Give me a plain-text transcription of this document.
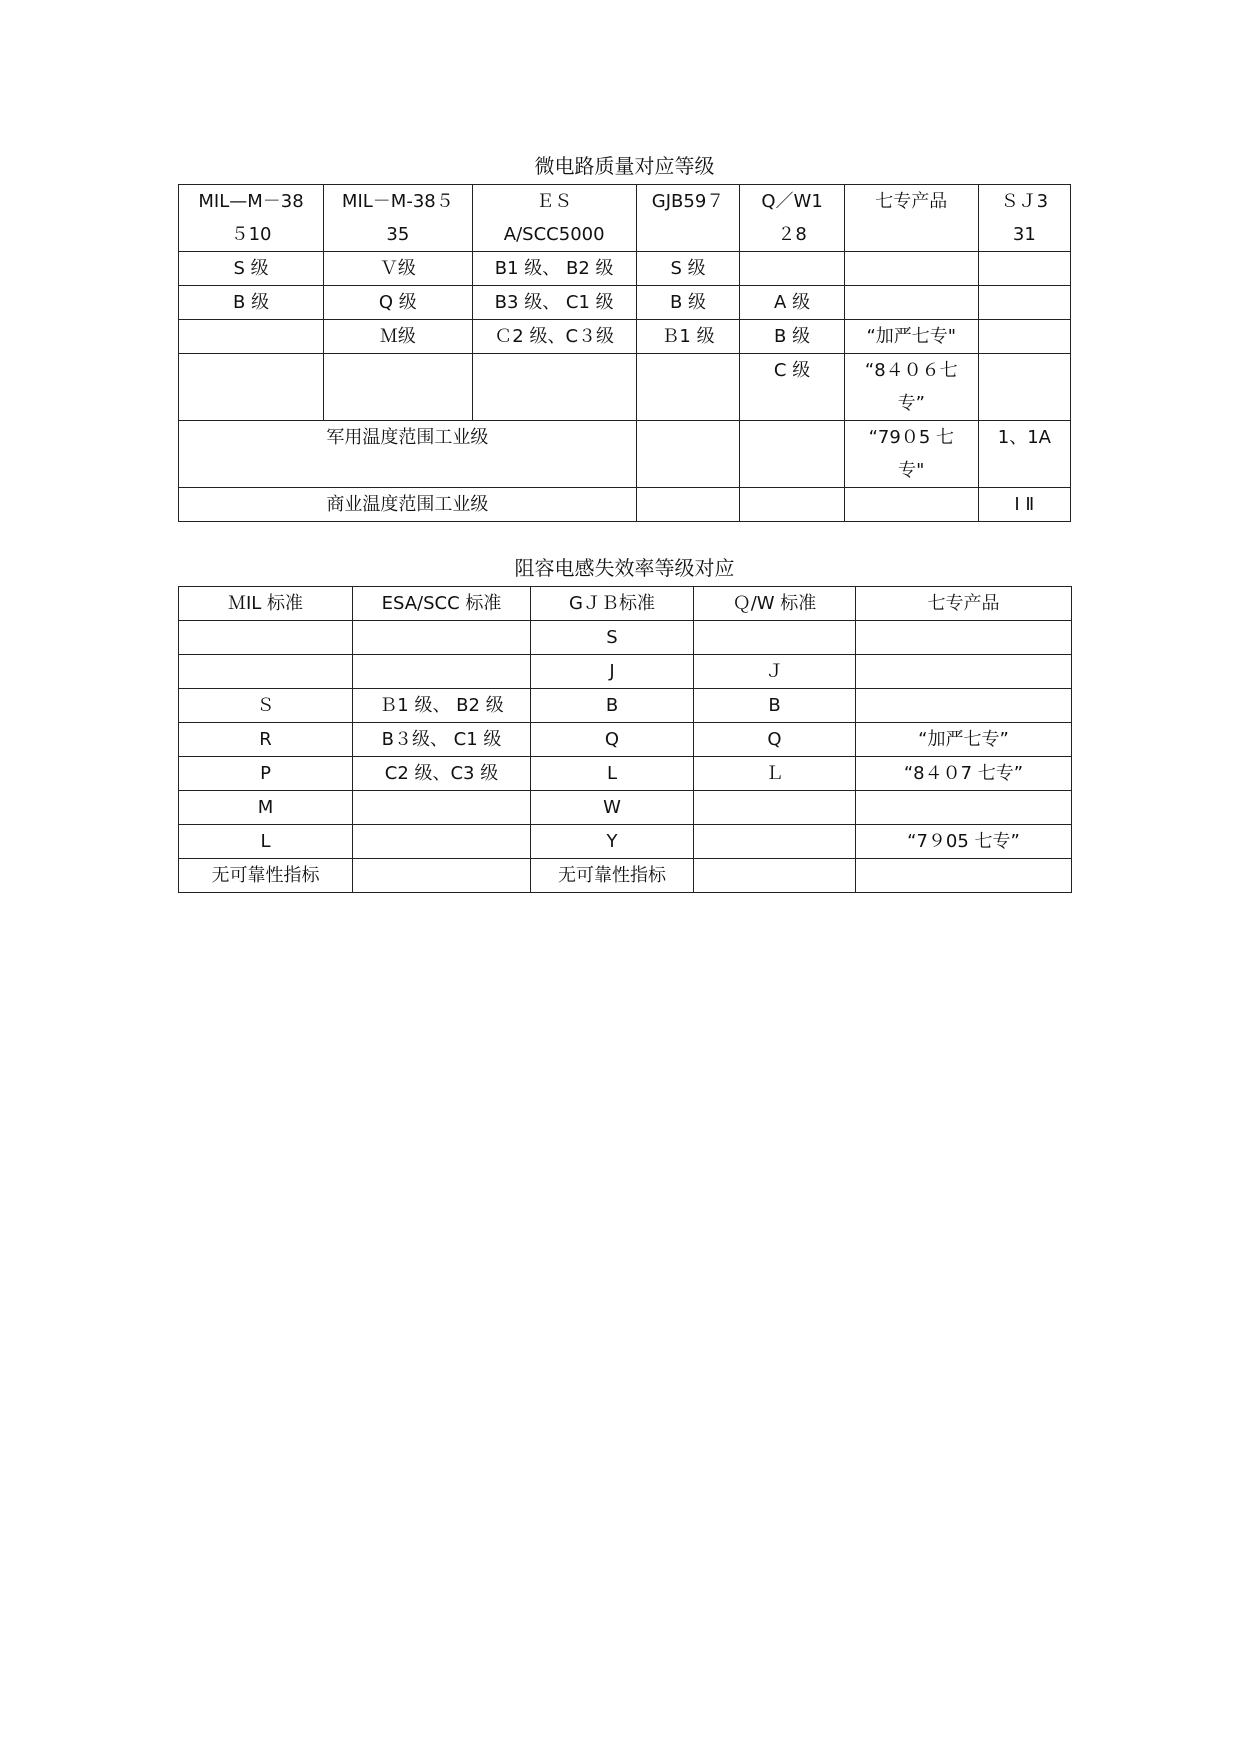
微电路质量对应等级
MIL—M－38
５10	MIL－M-38５
35	ＥＳ
A/SCC5000	GJB59７	Q／W1
２8	七专产品	ＳＪ3
31
S 级	Ｖ级	B1 级、 B2 级	S 级			
B 级	Q 级	B3 级、 C1 级	B 级	A 级		
	Ｍ级	Ｃ2 级、C３级	Ｂ1 级	B 级	“加严七专"	
				C 级	“8４０６七
专”	
军用温度范围工业级					“79０5 七
专"	1、1A
商业温度范围工业级						Ⅰ Ⅱ
阻容电感失效率等级对应
ＭIL 标准	ESA/SCC 标准	GＪＢ标准	Ｑ/W 标准	七专产品
		S		
		J	Ｊ	
Ｓ	Ｂ1 级、 B2 级	B	B	
R	B３级、 C1 级	Q	Q	“加严七专”
P	C2 级、C3 级	L	Ｌ	“8４０7 七专”
M		W		
L		Y		“7９05 七专”
无可靠性指标		无可靠性指标		
